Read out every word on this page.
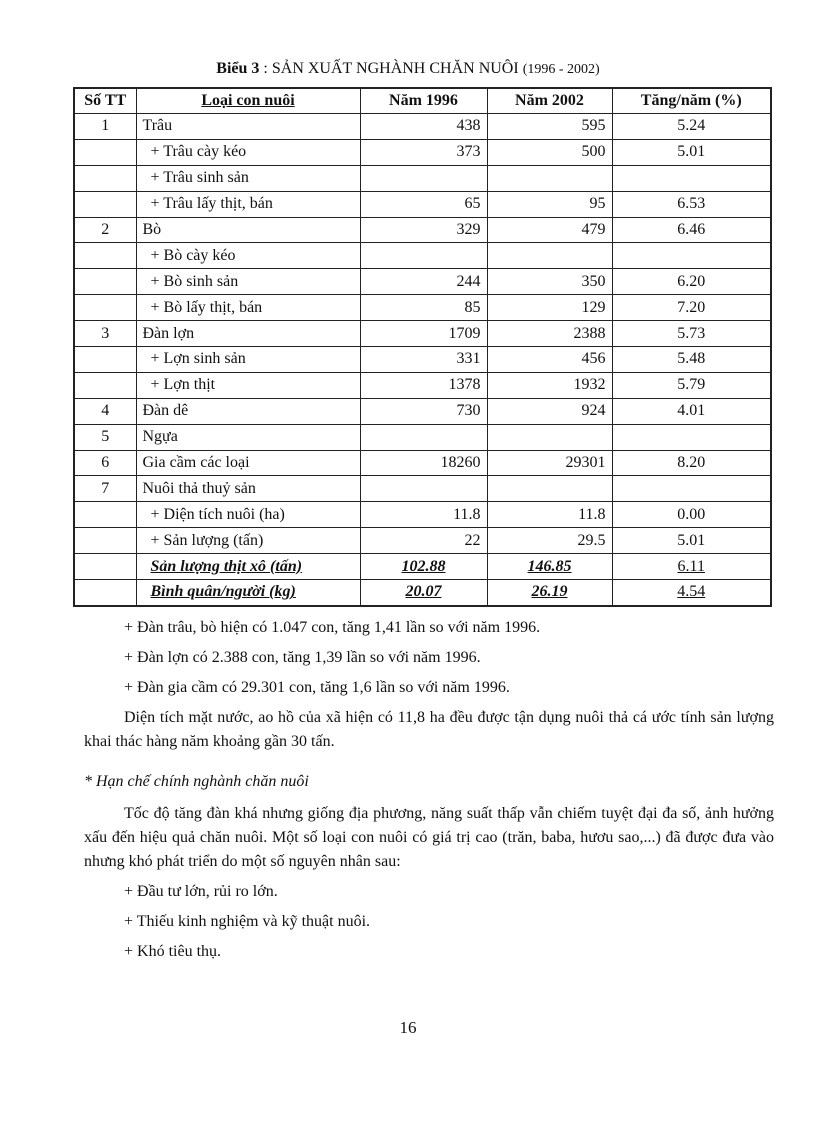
Biểu 3 : SẢN XUẤT NGHÀNH CHĂN NUÔI (1996 - 2002)
Số TT	Loại con nuôi	Năm 1996	Năm 2002	Tăng/năm (%)
1	Trâu	438	595	5.24
	+ Trâu cày kéo	373	500	5.01
	+ Trâu sinh sản			
	+ Trâu lấy thịt, bán	65	95	6.53
2	Bò	329	479	6.46
	+ Bò cày kéo			
	+ Bò sinh sản	244	350	6.20
	+ Bò lấy thịt, bán	85	129	7.20
3	Đàn lợn	1709	2388	5.73
	+ Lợn sinh sản	331	456	5.48
	+ Lợn thịt	1378	1932	5.79
4	Đàn dê	730	924	4.01
5	Ngựa			
6	Gia cầm các loại	18260	29301	8.20
7	Nuôi thả thuỷ sản			
	+ Diện tích nuôi (ha)	11.8	11.8	0.00
	+ Sản lượng (tấn)	22	29.5	5.01
	Sản lượng thịt xô (tấn)	102.88	146.85	6.11
	Bình quân/người (kg)	20.07	26.19	4.54

+ Đàn trâu, bò hiện có 1.047 con, tăng 1,41 lần so với năm 1996.

+ Đàn lợn có 2.388 con, tăng 1,39 lần so với năm 1996.

+ Đàn gia cầm có 29.301 con, tăng 1,6 lần so với năm 1996.

Diện tích mặt nước, ao hồ của xã hiện có 11,8 ha đều được tận dụng nuôi thả cá ước tính sản lượng khai thác hàng năm khoảng gần 30 tấn.

* Hạn chế chính nghành chăn nuôi

Tốc độ tăng đàn khá nhưng giống địa phương, năng suất thấp vẫn chiếm tuyệt đại đa số, ảnh hưởng xấu đến hiệu quả chăn nuôi. Một số loại con nuôi có giá trị cao (trăn, baba, hươu sao,...) đã được đưa vào nhưng khó phát triển do một số nguyên nhân sau:

+ Đầu tư lớn, rủi ro lớn.

+ Thiếu kinh nghiệm và kỹ thuật nuôi.

+ Khó tiêu thụ.

16
